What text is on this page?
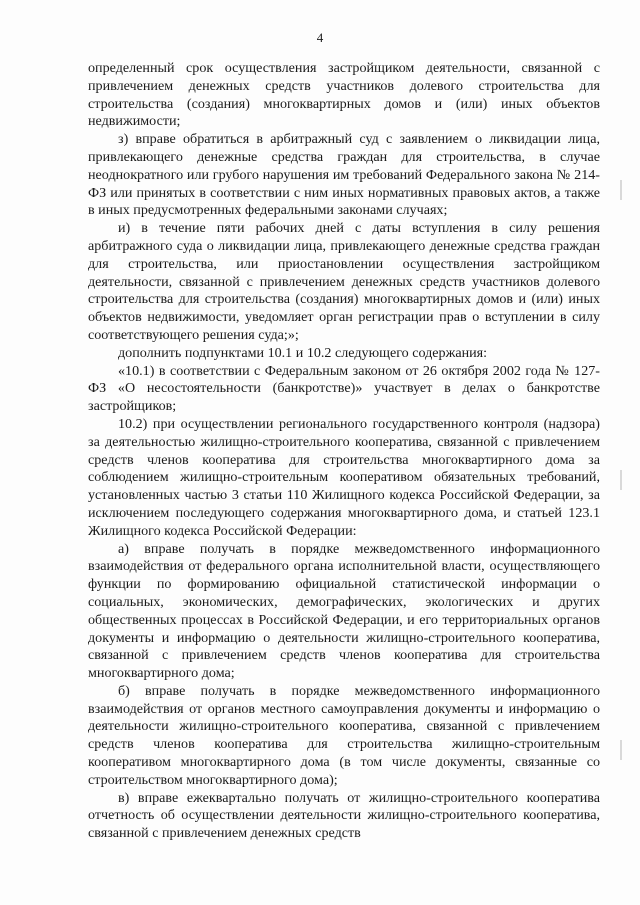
4

определенный срок осуществления застройщиком деятельности, связанной с привлечением денежных средств участников долевого строительства для строительства (создания) многоквартирных домов и (или) иных объектов недвижимости;

з) вправе обратиться в арбитражный суд с заявлением о ликвидации лица, привлекающего денежные средства граждан для строительства, в случае неоднократного или грубого нарушения им требований Федерального закона № 214-ФЗ или принятых в соответствии с ним иных нормативных правовых актов, а также в иных предусмотренных федеральными законами случаях;

и) в течение пяти рабочих дней с даты вступления в силу решения арбитражного суда о ликвидации лица, привлекающего денежные средства граждан для строительства, или приостановлении осуществления застройщиком деятельности, связанной с привлечением денежных средств участников долевого строительства для строительства (создания) многоквартирных домов и (или) иных объектов недвижимости, уведомляет орган регистрации прав о вступлении в силу соответствующего решения суда;»;

дополнить подпунктами 10.1 и 10.2 следующего содержания:

«10.1) в соответствии с Федеральным законом от 26 октября 2002 года № 127-ФЗ «О несостоятельности (банкротстве)» участвует в делах о банкротстве застройщиков;

10.2) при осуществлении регионального государственного контроля (надзора) за деятельностью жилищно-строительного кооператива, связанной с привлечением средств членов кооператива для строительства многоквартирного дома за соблюдением жилищно-строительным кооперативом обязательных требований, установленных частью 3 статьи 110 Жилищного кодекса Российской Федерации, за исключением последующего содержания многоквартирного дома, и статьей 123.1 Жилищного кодекса Российской Федерации:

а) вправе получать в порядке межведомственного информационного взаимодействия от федерального органа исполнительной власти, осуществляющего функции по формированию официальной статистической информации о социальных, экономических, демографических, экологических и других общественных процессах в Российской Федерации, и его территориальных органов документы и информацию о деятельности жилищно-строительного кооператива, связанной с привлечением средств членов кооператива для строительства многоквартирного дома;

б) вправе получать в порядке межведомственного информационного взаимодействия от органов местного самоуправления документы и информацию о деятельности жилищно-строительного кооператива, связанной с привлечением средств членов кооператива для строительства жилищно-строительным кооперативом многоквартирного дома (в том числе документы, связанные со строительством многоквартирного дома);

в) вправе ежеквартально получать от жилищно-строительного кооператива отчетность об осуществлении деятельности жилищно-строительного кооператива, связанной с привлечением денежных средств
